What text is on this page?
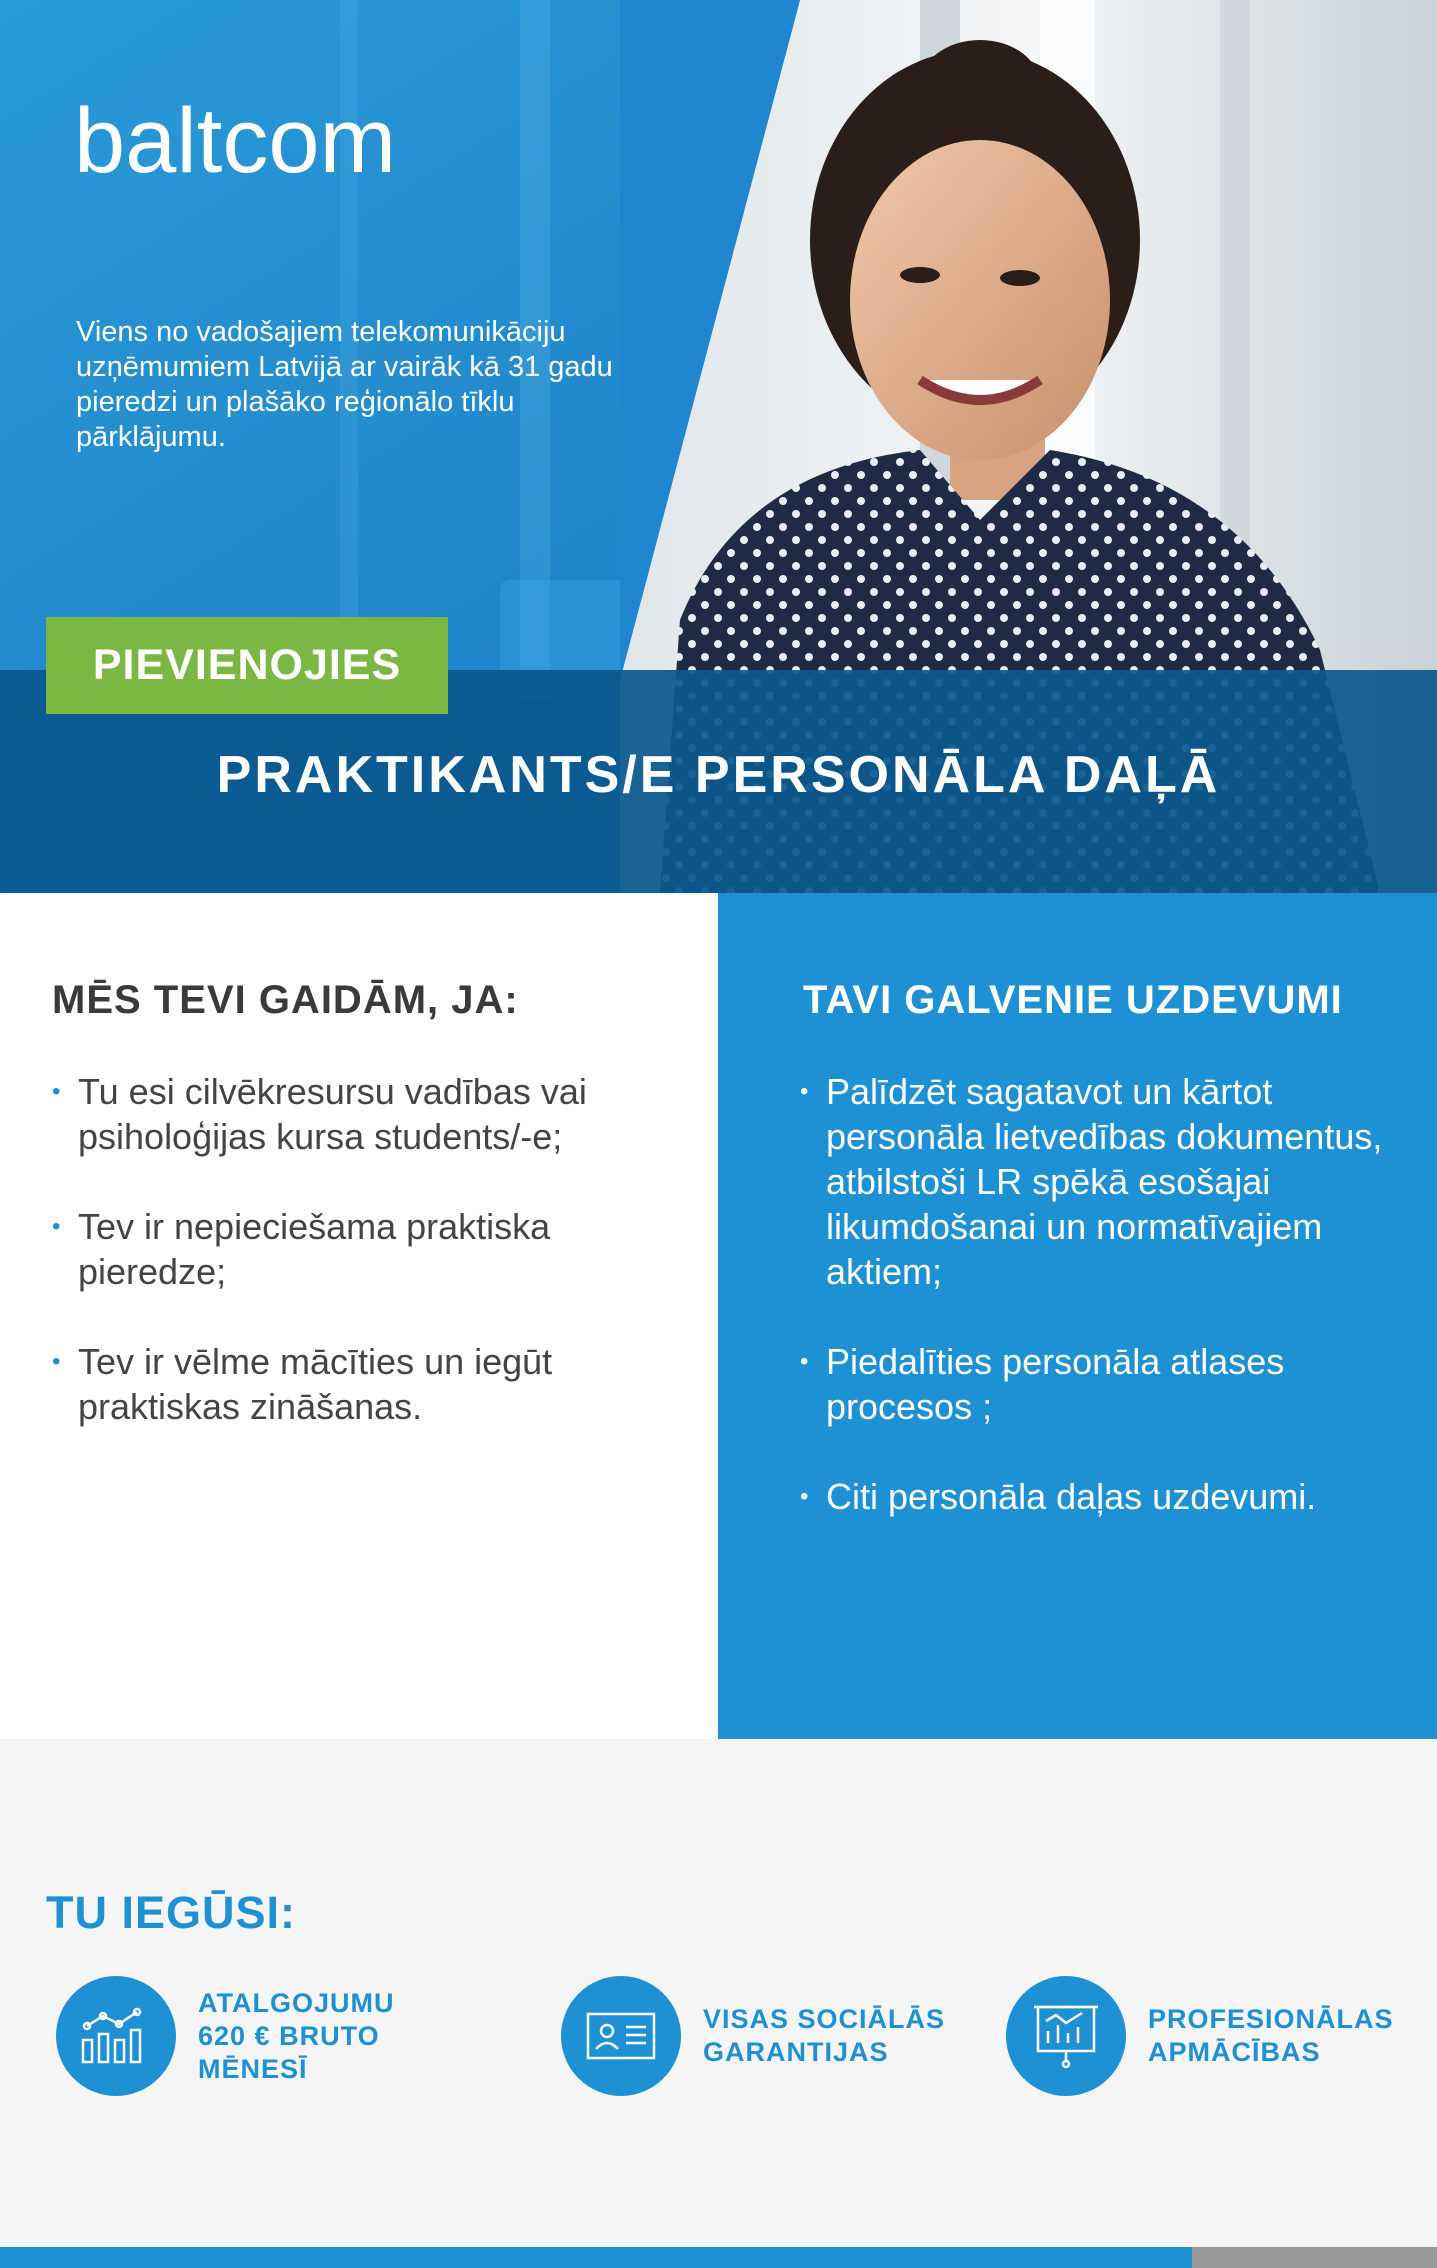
baltcom
Viens no vadošajiem telekomunikāciju uzņēmumiem Latvijā ar vairāk kā 31 gadu pieredzi un plašāko reģionālo tīklu pārklājumu.
PIEVIENOJIES
PRAKTIKANTS/E PERSONĀLA DAĻĀ
MĒS TEVI GAIDĀM, JA:
• Tu esi cilvēkresursu vadības vai psiholoģijas kursa students/-e;
• Tev ir nepieciešama praktiska pieredze;
• Tev ir vēlme mācīties un iegūt praktiskas zināšanas.
TAVI GALVENIE UZDEVUMI
• Palīdzēt sagatavot un kārtot personāla lietvedības dokumentus, atbilstoši LR spēkā esošajai likumdošanai un normatīvajiem aktiem;
• Piedalīties personāla atlases procesos ;
• Citi personāla daļas uzdevumi.
TU IEGŪSI:
ATALGOJUMU
620 € BRUTO
MĒNESĪ
VISAS SOCIĀLĀS
GARANTIJAS
PROFESIONĀLAS
APMĀCĪBAS
